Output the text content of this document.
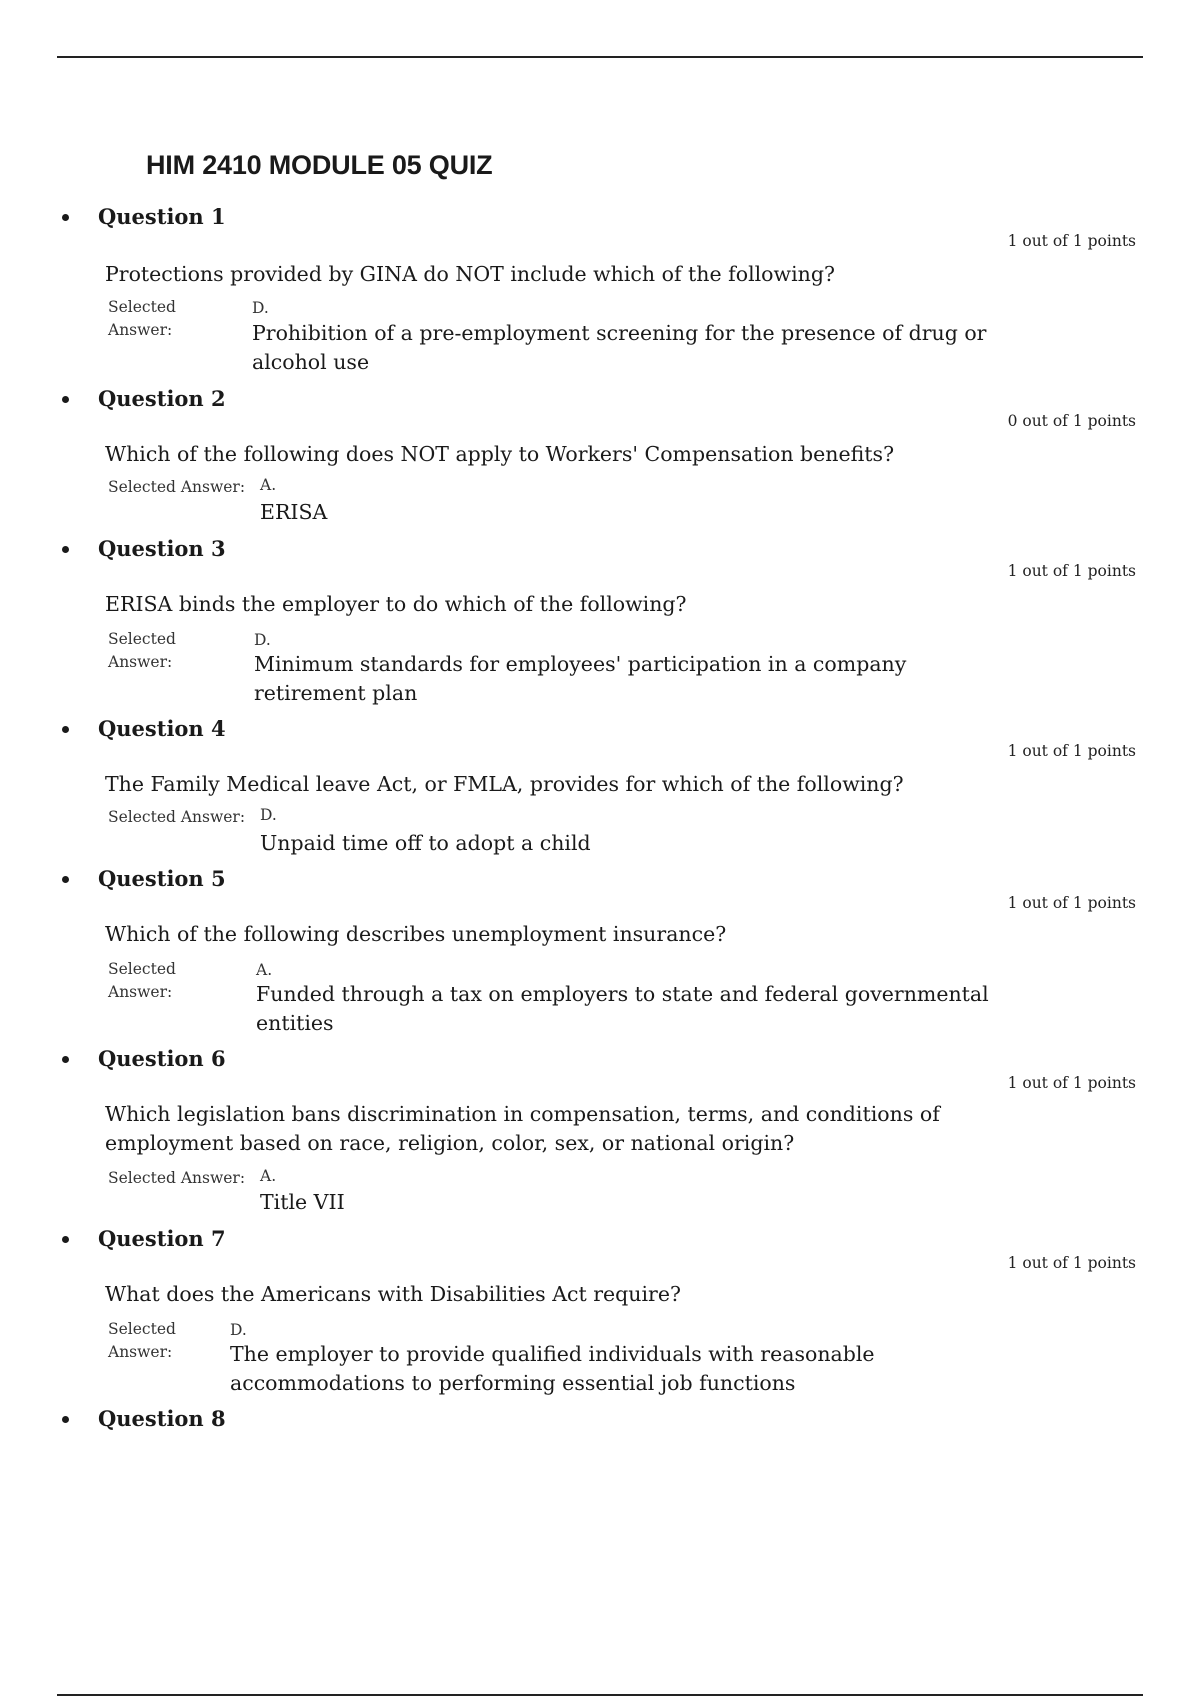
HIM 2410 MODULE 05 QUIZ
Question 1
1 out of 1 points
Protections provided by GINA do NOT include which of the following?
Selected Answer:
D.
Prohibition of a pre-employment screening for the presence of drug or alcohol use
Question 2
0 out of 1 points
Which of the following does NOT apply to Workers' Compensation benefits?
Selected Answer: A.
ERISA
Question 3
1 out of 1 points
ERISA binds the employer to do which of the following?
Selected Answer:
D.
Minimum standards for employees' participation in a company retirement plan
Question 4
1 out of 1 points
The Family Medical leave Act, or FMLA, provides for which of the following?
Selected Answer: D.
Unpaid time off to adopt a child
Question 5
1 out of 1 points
Which of the following describes unemployment insurance?
Selected Answer:
A.
Funded through a tax on employers to state and federal governmental entities
Question 6
1 out of 1 points
Which legislation bans discrimination in compensation, terms, and conditions of employment based on race, religion, color, sex, or national origin?
Selected Answer: A.
Title VII
Question 7
1 out of 1 points
What does the Americans with Disabilities Act require?
Selected Answer:
D.
The employer to provide qualified individuals with reasonable accommodations to performing essential job functions
Question 8
